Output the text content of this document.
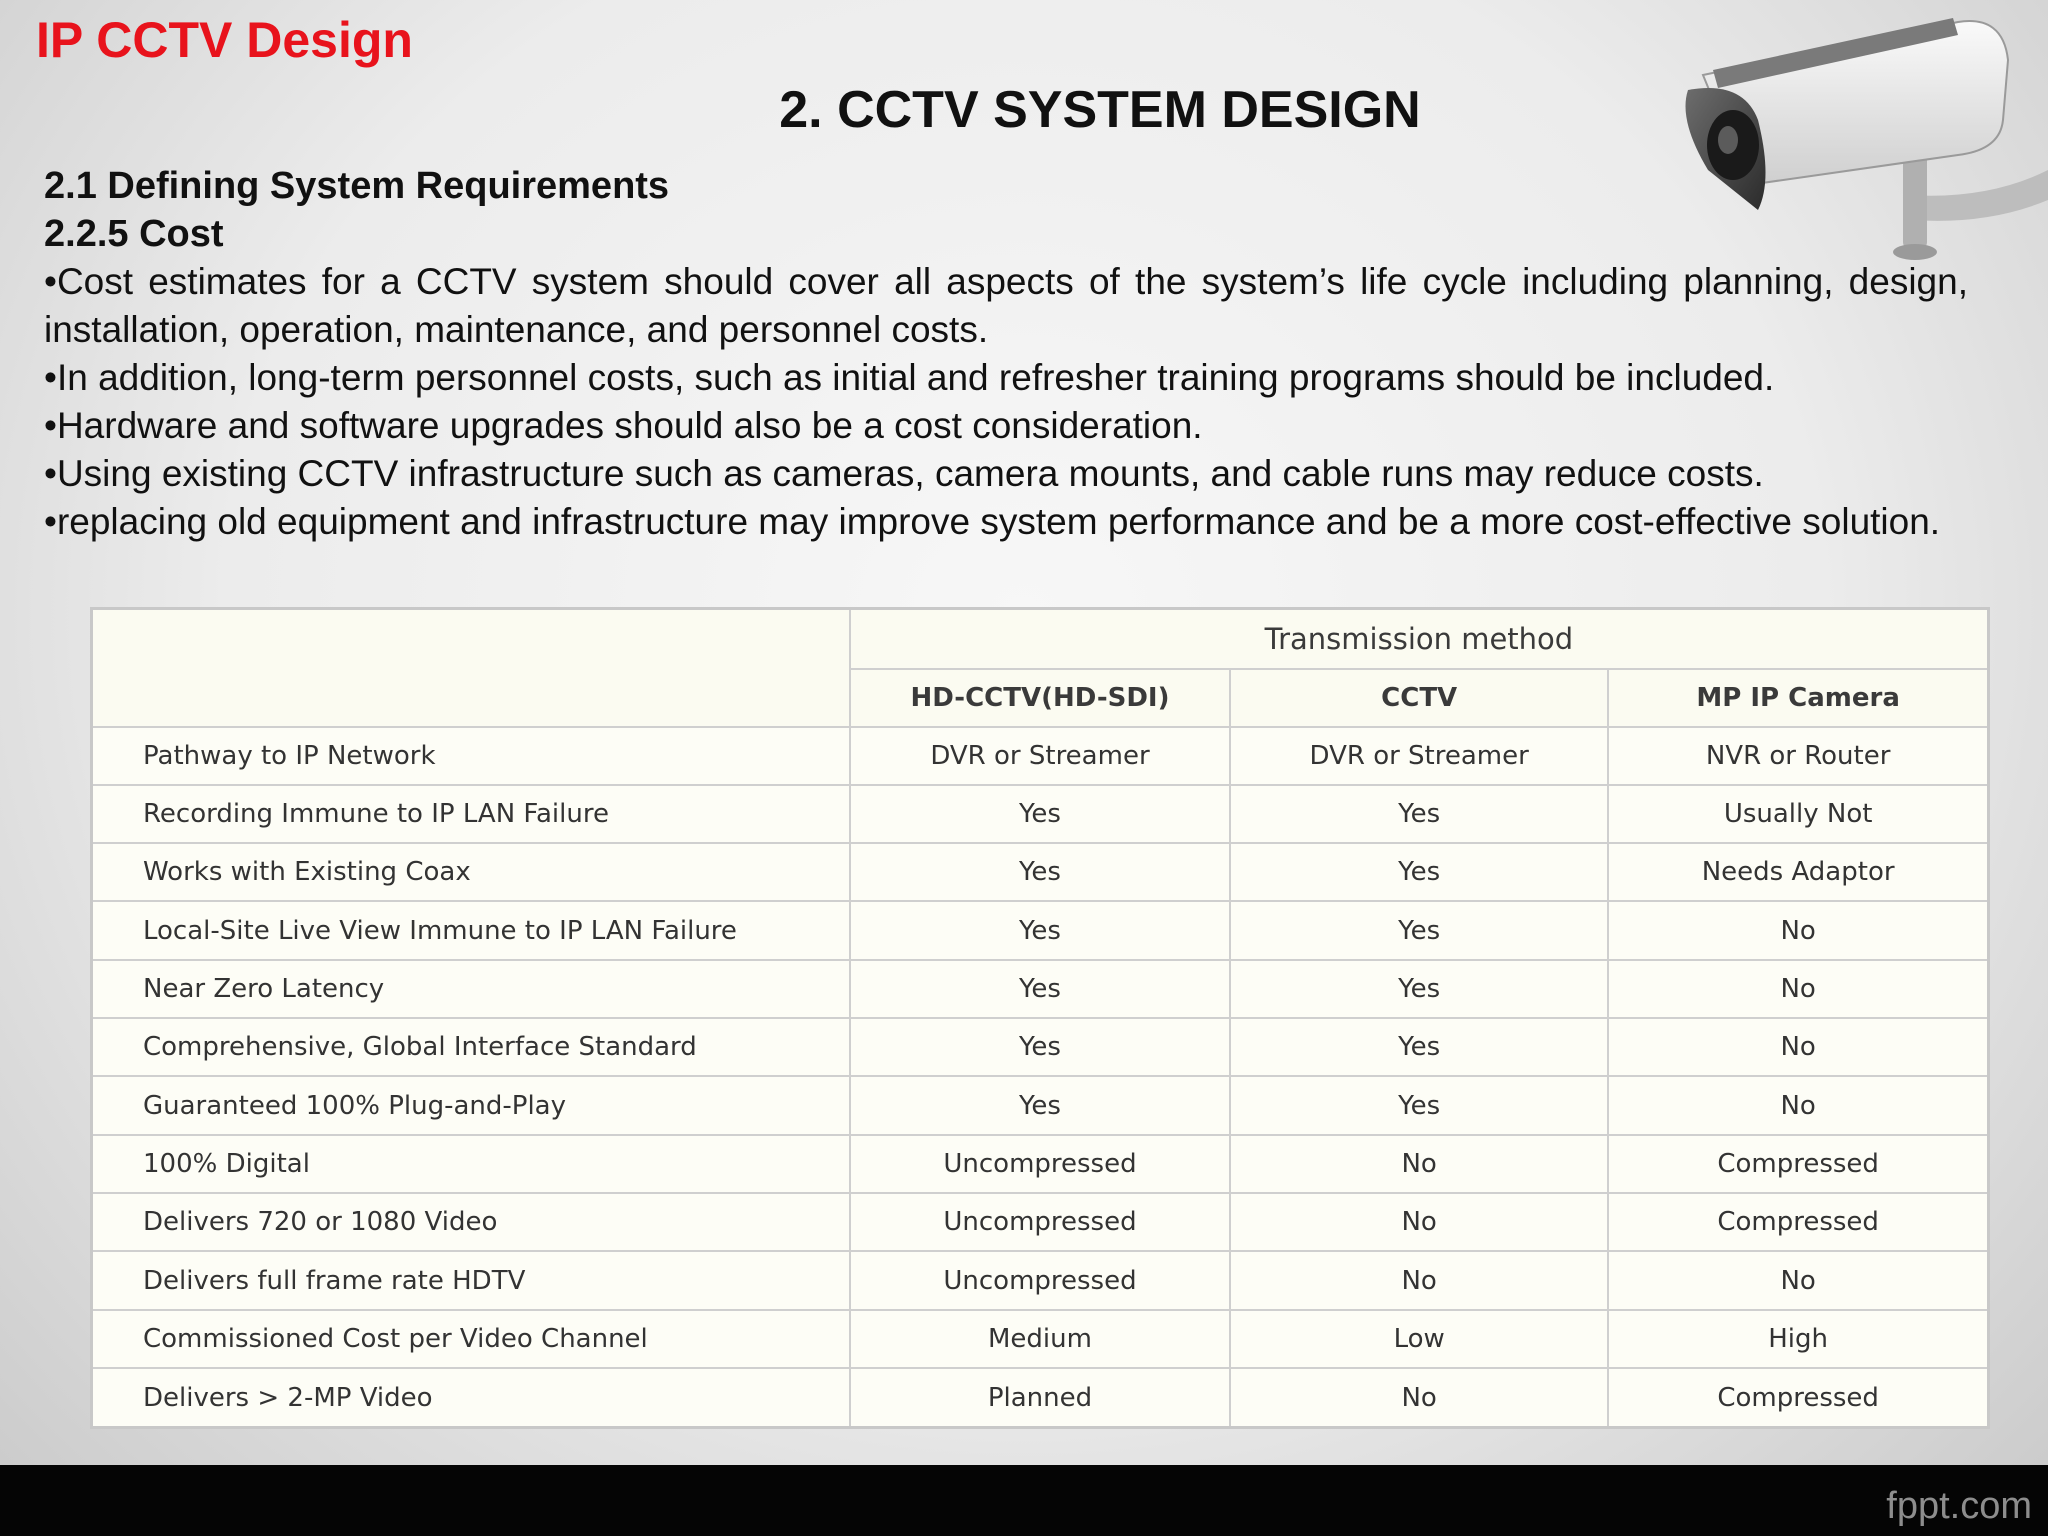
IP CCTV Design
2. CCTV SYSTEM DESIGN
2.1 Defining System Requirements
2.2.5 Cost

•Cost estimates for a CCTV system should cover all aspects of the system’s life cycle including planning, design, installation, operation, maintenance, and personnel costs.

•In addition, long-term personnel costs, such as initial and refresher training programs should be included.

•Hardware and software upgrades should also be a cost consideration.

•Using existing CCTV infrastructure such as cameras, camera mounts, and cable runs may reduce costs.

•replacing old equipment and infrastructure may improve system performance and be a more cost-effective solution.

	Transmission method		
	HD-CCTV(HD-SDI)	CCTV	MP IP Camera
Pathway to IP Network	DVR or Streamer	DVR or Streamer	NVR or Router
Recording Immune to IP LAN Failure	Yes	Yes	Usually Not
Works with Existing Coax	Yes	Yes	Needs Adaptor
Local-Site Live View Immune to IP LAN Failure	Yes	Yes	No
Near Zero Latency	Yes	Yes	No
Comprehensive, Global Interface Standard	Yes	Yes	No
Guaranteed 100% Plug-and-Play	Yes	Yes	No
100% Digital	Uncompressed	No	Compressed
Delivers 720 or 1080 Video	Uncompressed	No	Compressed
Delivers full frame rate HDTV	Uncompressed	No	No
Commissioned Cost per Video Channel	Medium	Low	High
Delivers > 2-MP Video	Planned	No	Compressed

fppt.com
